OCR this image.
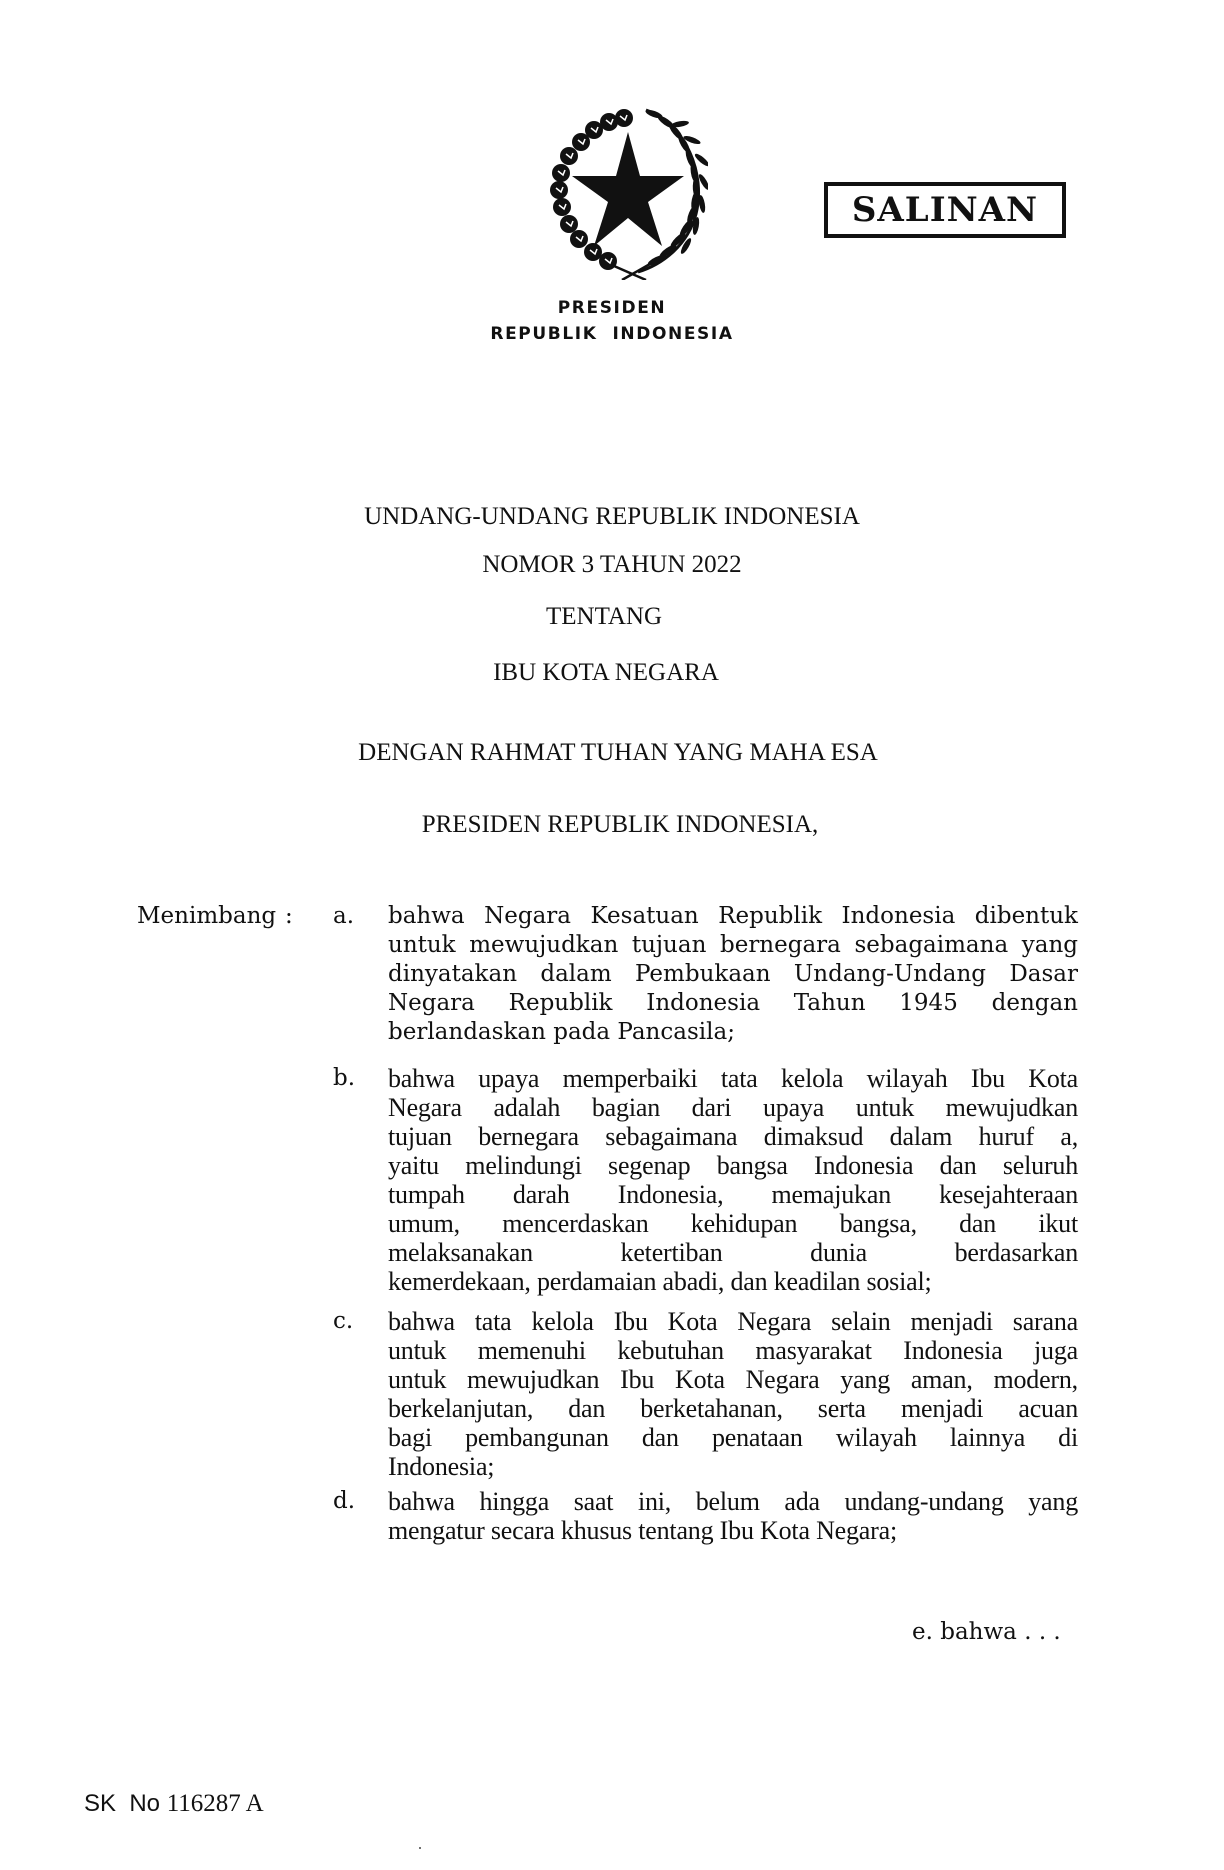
SALINAN
PRESIDEN
REPUBLIK  INDONESIA
UNDANG-UNDANG REPUBLIK INDONESIA
NOMOR 3 TAHUN 2022
TENTANG
IBU KOTA NEGARA
DENGAN RAHMAT TUHAN YANG MAHA ESA
PRESIDEN REPUBLIK INDONESIA,
Menimbang : a. bahwa Negara Kesatuan Republik Indonesia dibentuk
untuk mewujudkan tujuan bernegara sebagaimana yang
dinyatakan dalam Pembukaan Undang-Undang Dasar
Negara Republik Indonesia Tahun 1945 dengan
berlandaskan pada Pancasila;
b. bahwa upaya memperbaiki tata kelola wilayah Ibu Kota
Negara adalah bagian dari upaya untuk mewujudkan
tujuan bernegara sebagaimana dimaksud dalam huruf a,
yaitu melindungi segenap bangsa Indonesia dan seluruh
tumpah darah Indonesia, memajukan kesejahteraan
umum, mencerdaskan kehidupan bangsa, dan ikut
melaksanakan ketertiban dunia berdasarkan
kemerdekaan, perdamaian abadi, dan keadilan sosial;
c. bahwa tata kelola Ibu Kota Negara selain menjadi sarana
untuk memenuhi kebutuhan masyarakat Indonesia juga
untuk mewujudkan Ibu Kota Negara yang aman, modern,
berkelanjutan, dan berketahanan, serta menjadi acuan
bagi pembangunan dan penataan wilayah lainnya di
Indonesia;
d. bahwa hingga saat ini, belum ada undang-undang yang
mengatur secara khusus tentang Ibu Kota Negara;
e. bahwa . . .
SK  No 116287 A
